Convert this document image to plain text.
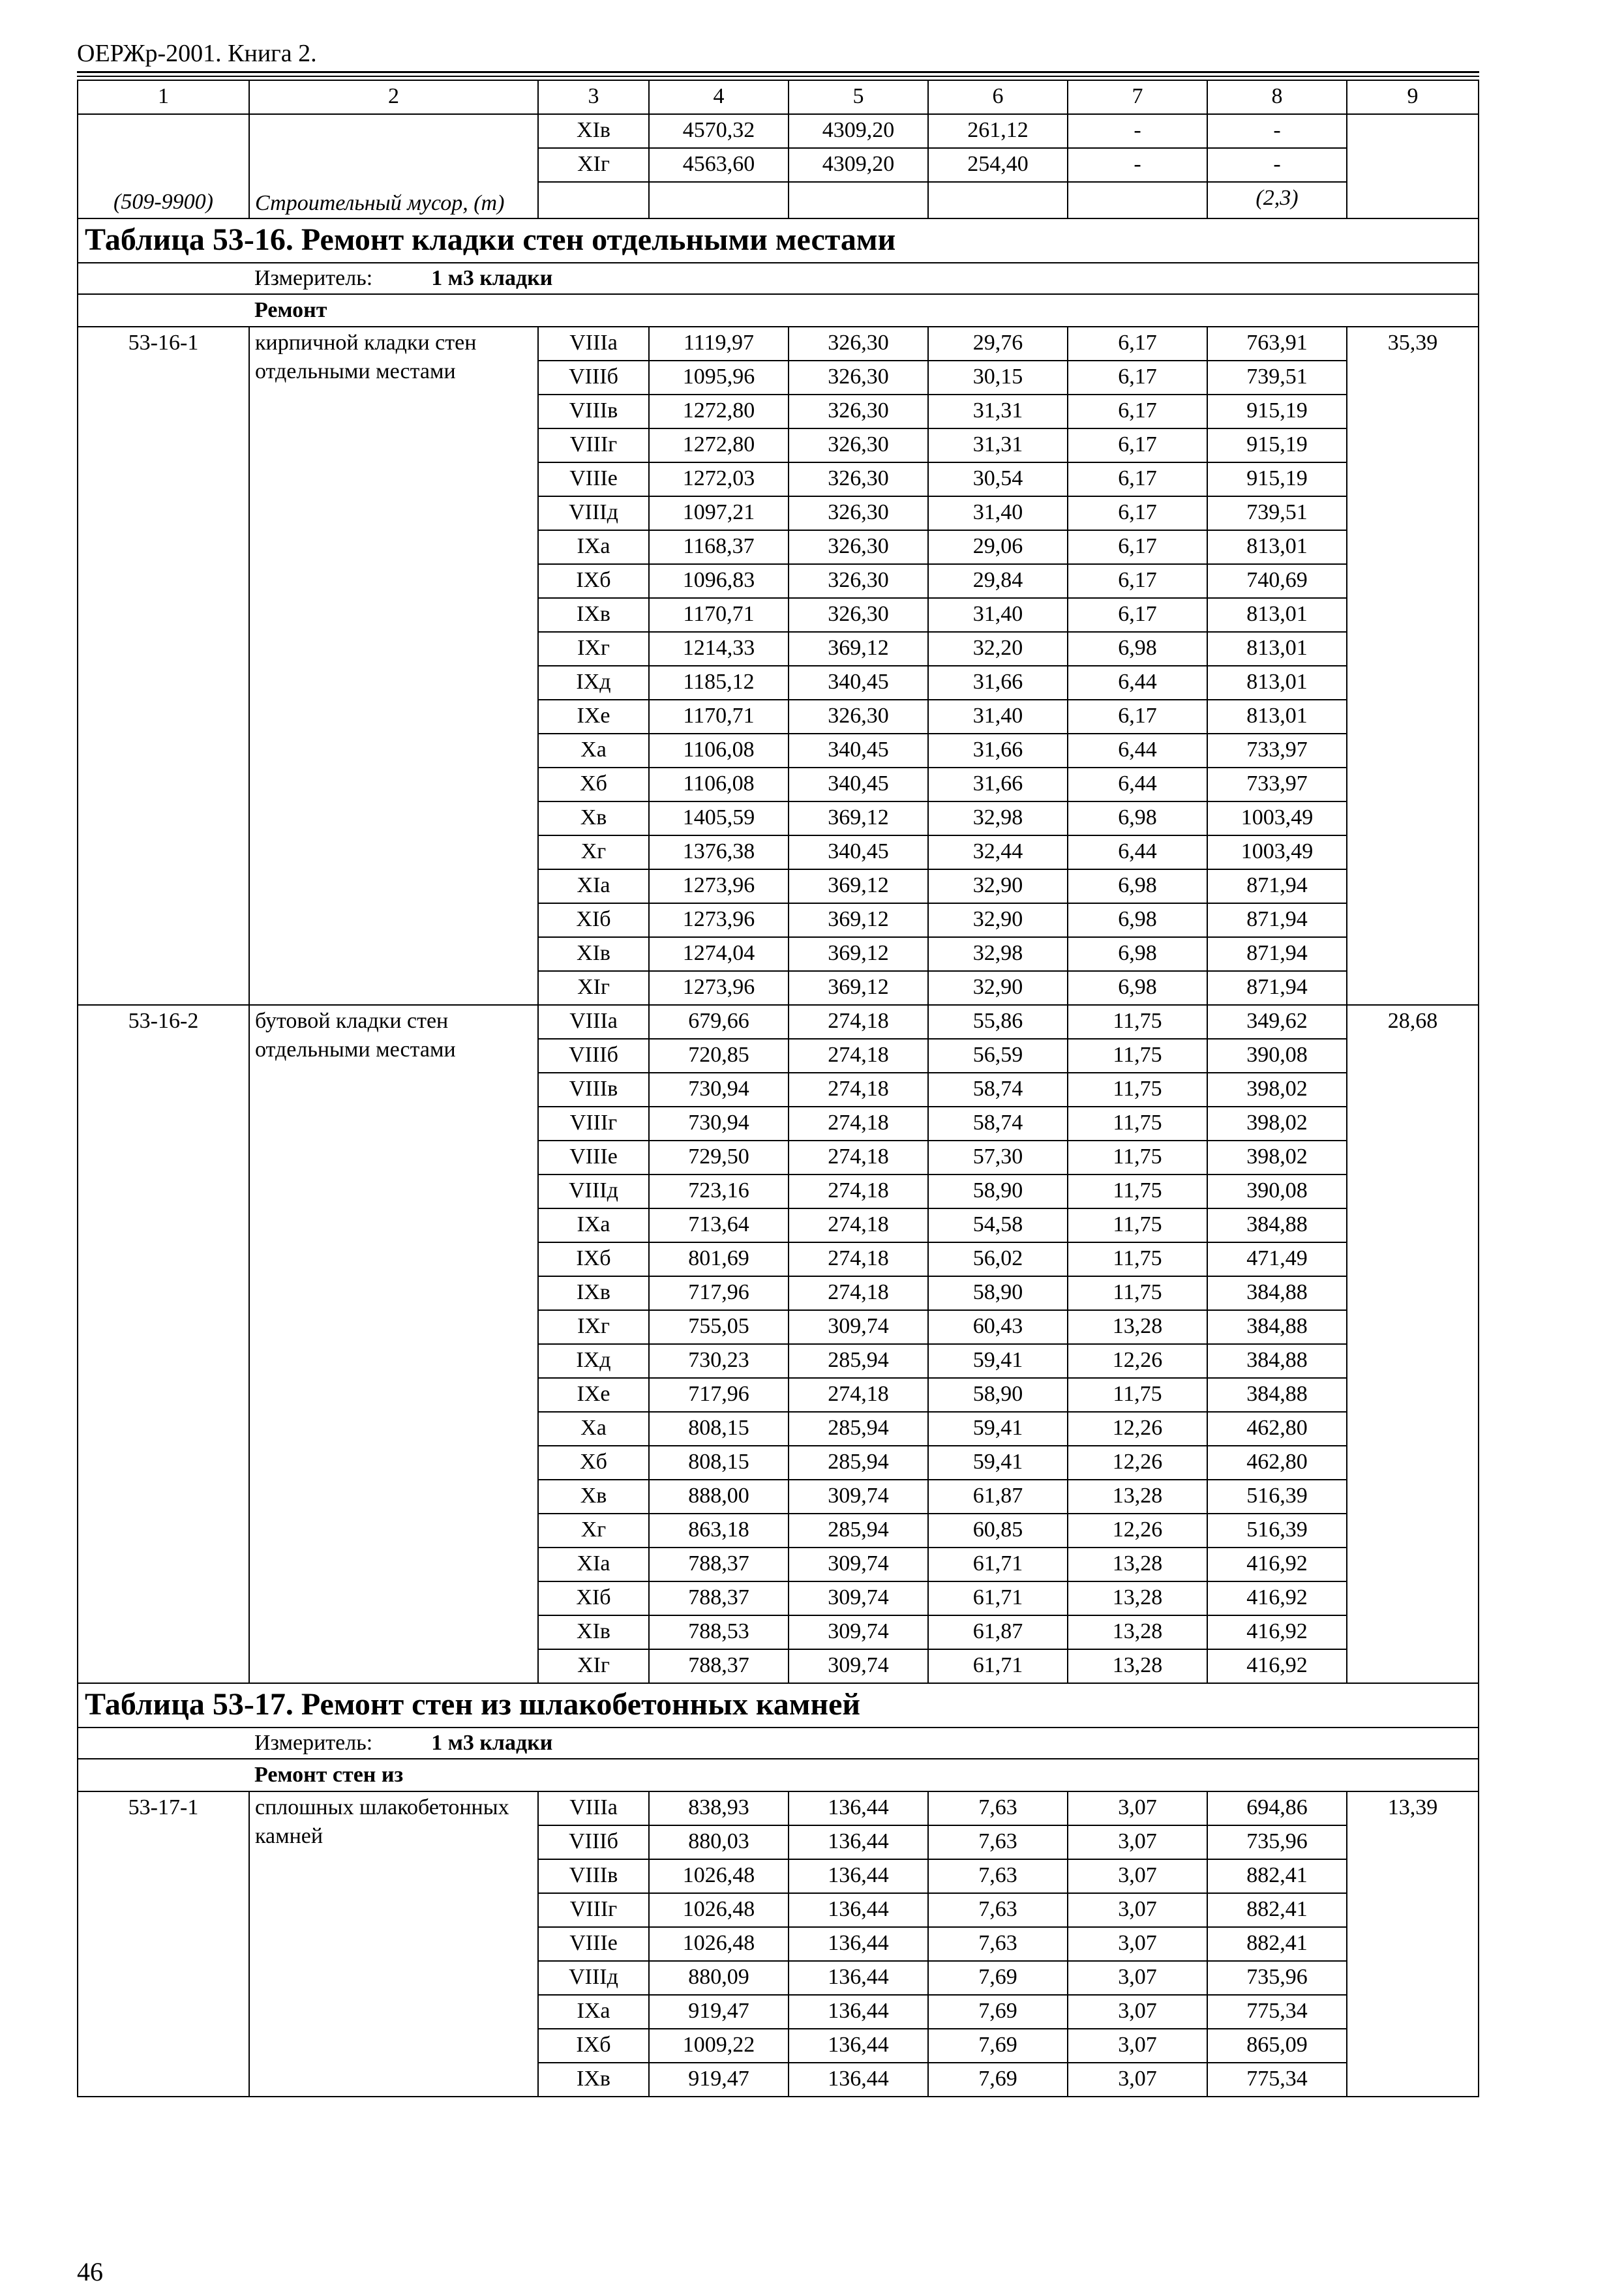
ОЕРЖр-2001. Книга 2.
1	2	3	4	5	6	7	8	9
(509-9900)	Строительный мусор, (т)	ХIв	4570,32	4309,20	261,12	-	-	
		ХIг	4563,60	4309,20	254,40	-	-	
							(2,3)	
Таблица 53-16. Ремонт кладки стен отдельными местами								
Измеритель: 1 м3 кладки								
Ремонт								
53-16-1	кирпичной кладки стен отдельными местами	VIIIа	1119,97	326,30	29,76	6,17	763,91	35,39
		VIIIб	1095,96	326,30	30,15	6,17	739,51	
		VIIIв	1272,80	326,30	31,31	6,17	915,19	
		VIIIг	1272,80	326,30	31,31	6,17	915,19	
		VIIIе	1272,03	326,30	30,54	6,17	915,19	
		VIIIд	1097,21	326,30	31,40	6,17	739,51	
		IХа	1168,37	326,30	29,06	6,17	813,01	
		IХб	1096,83	326,30	29,84	6,17	740,69	
		IХв	1170,71	326,30	31,40	6,17	813,01	
		IХг	1214,33	369,12	32,20	6,98	813,01	
		IХд	1185,12	340,45	31,66	6,44	813,01	
		IХе	1170,71	326,30	31,40	6,17	813,01	
		Ха	1106,08	340,45	31,66	6,44	733,97	
		Хб	1106,08	340,45	31,66	6,44	733,97	
		Хв	1405,59	369,12	32,98	6,98	1003,49	
		Хг	1376,38	340,45	32,44	6,44	1003,49	
		ХIа	1273,96	369,12	32,90	6,98	871,94	
		ХIб	1273,96	369,12	32,90	6,98	871,94	
		ХIв	1274,04	369,12	32,98	6,98	871,94	
		ХIг	1273,96	369,12	32,90	6,98	871,94	
53-16-2	бутовой кладки стен отдельными местами	VIIIа	679,66	274,18	55,86	11,75	349,62	28,68
		VIIIб	720,85	274,18	56,59	11,75	390,08	
		VIIIв	730,94	274,18	58,74	11,75	398,02	
		VIIIг	730,94	274,18	58,74	11,75	398,02	
		VIIIе	729,50	274,18	57,30	11,75	398,02	
		VIIIд	723,16	274,18	58,90	11,75	390,08	
		IХа	713,64	274,18	54,58	11,75	384,88	
		IХб	801,69	274,18	56,02	11,75	471,49	
		IХв	717,96	274,18	58,90	11,75	384,88	
		IХг	755,05	309,74	60,43	13,28	384,88	
		IХд	730,23	285,94	59,41	12,26	384,88	
		IХе	717,96	274,18	58,90	11,75	384,88	
		Ха	808,15	285,94	59,41	12,26	462,80	
		Хб	808,15	285,94	59,41	12,26	462,80	
		Хв	888,00	309,74	61,87	13,28	516,39	
		Хг	863,18	285,94	60,85	12,26	516,39	
		ХIа	788,37	309,74	61,71	13,28	416,92	
		ХIб	788,37	309,74	61,71	13,28	416,92	
		ХIв	788,53	309,74	61,87	13,28	416,92	
		ХIг	788,37	309,74	61,71	13,28	416,92	
Таблица 53-17. Ремонт стен из шлакобетонных камней								
Измеритель: 1 м3 кладки								
Ремонт стен из								
53-17-1	сплошных шлакобетонных камней	VIIIа	838,93	136,44	7,63	3,07	694,86	13,39
		VIIIб	880,03	136,44	7,63	3,07	735,96	
		VIIIв	1026,48	136,44	7,63	3,07	882,41	
		VIIIг	1026,48	136,44	7,63	3,07	882,41	
		VIIIе	1026,48	136,44	7,63	3,07	882,41	
		VIIIд	880,09	136,44	7,69	3,07	735,96	
		IХа	919,47	136,44	7,69	3,07	775,34	
		IХб	1009,22	136,44	7,69	3,07	865,09	
		IХв	919,47	136,44	7,69	3,07	775,34	
46
